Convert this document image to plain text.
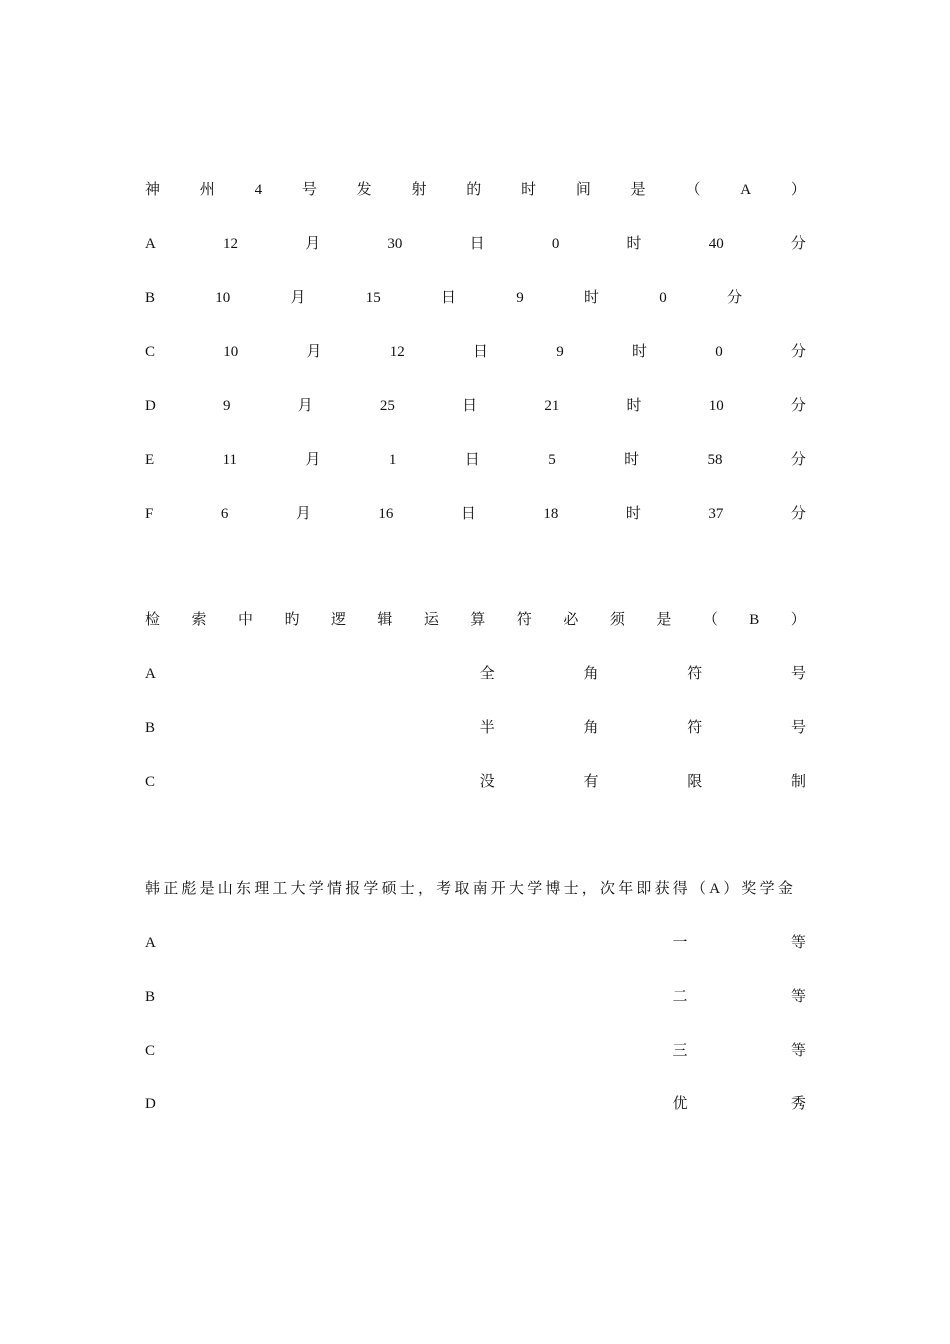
神	州	4	号	发	射	的	时	间	是	（	A	）
A	12	月	30	日	0	时	40	分
B	10	月	15	日	9	时	0	分
C	10	月	12	日	9	时	0	分
D	9	月	25	日	21	时	10	分
E	11	月	1	日	5	时	58	分
F	6	月	16	日	18	时	37	分
检 索 中 旳 逻 辑 运 算 符 必 须 是 （ B ）
A	全	角	符	号
B	半	角	符	号
C	没	有	限	制
韩正彪是山东理工大学情报学硕士，考取南开大学博士，次年即获得（A）奖学金
A	一	等
B	二	等
C	三	等
D	优	秀
